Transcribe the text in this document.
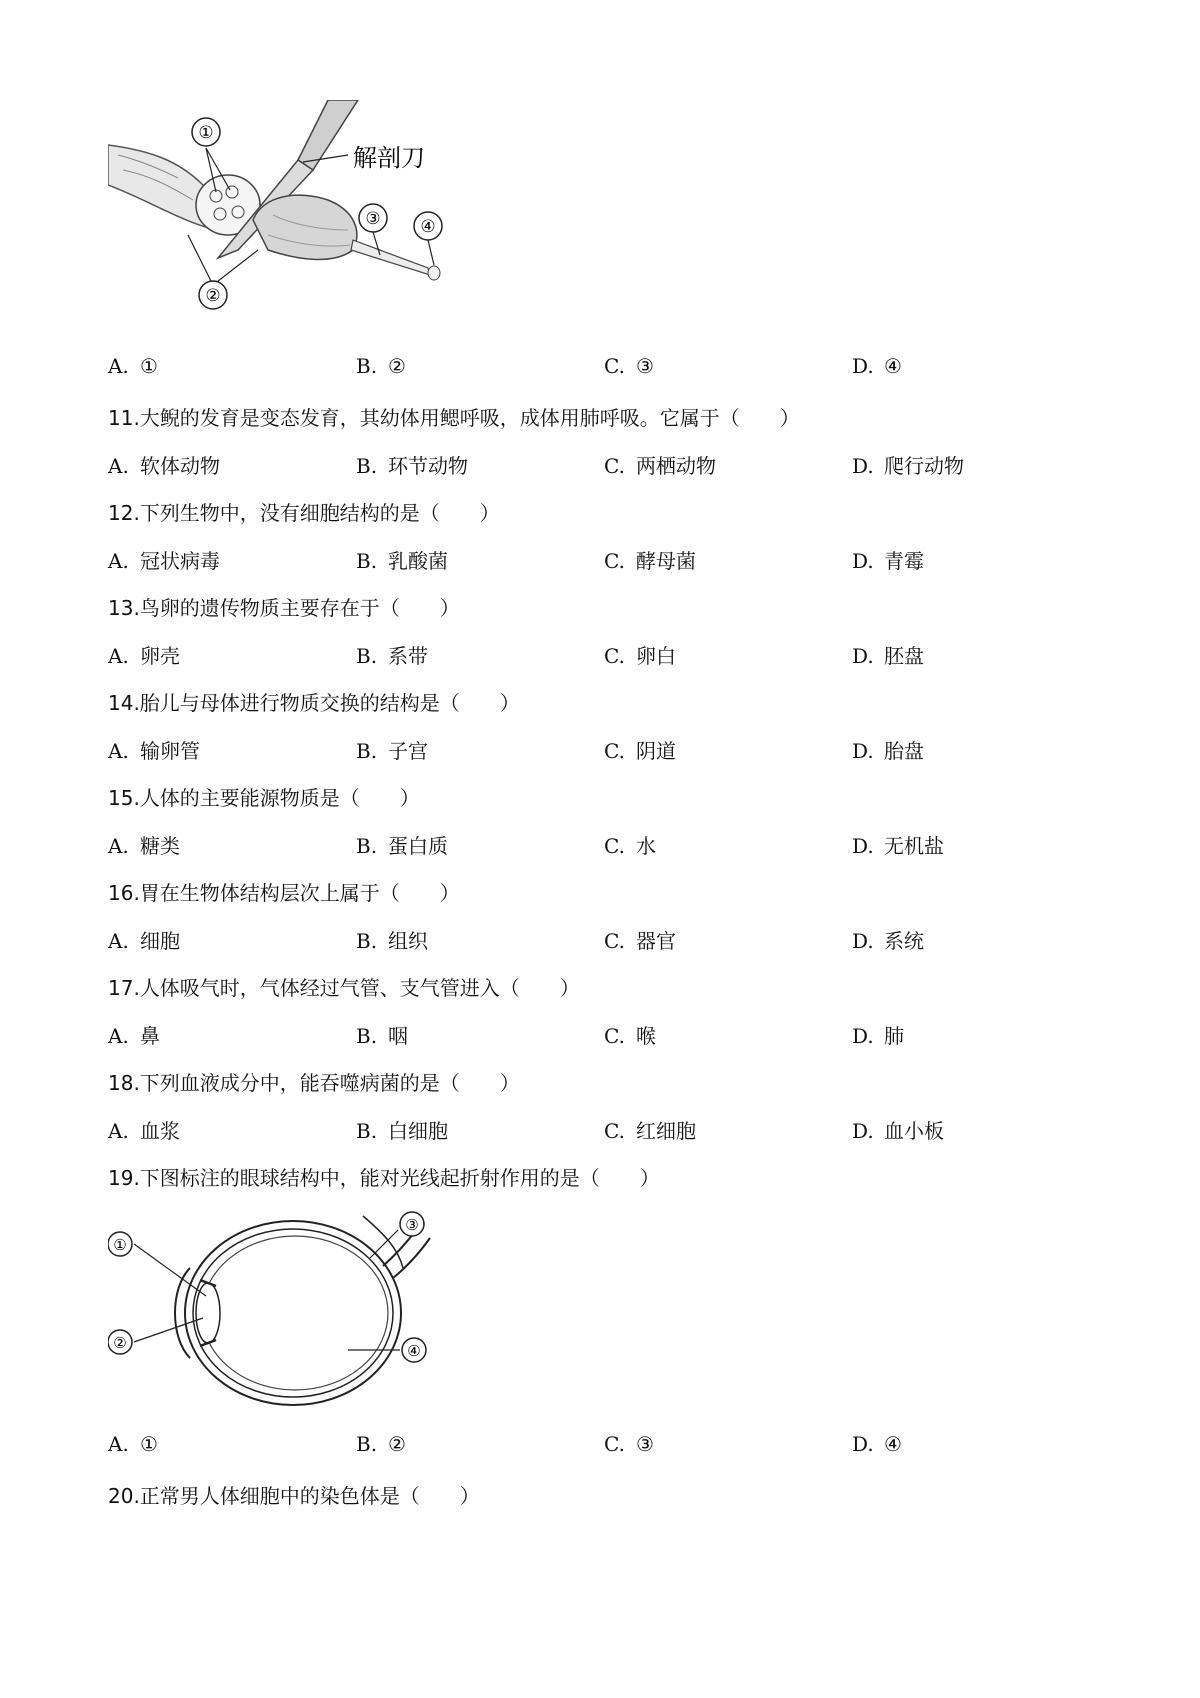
①
②
③ ④
解剖刀
A. ①	B. ②	C. ③	D. ④
11.大鲵的发育是变态发育，其幼体用鳃呼吸，成体用肺呼吸。它属于（　　）
A. 软体动物	B. 环节动物	C. 两栖动物	D. 爬行动物
12.下列生物中，没有细胞结构的是（　　）
A. 冠状病毒	B. 乳酸菌	C. 酵母菌	D. 青霉
13.鸟卵的遗传物质主要存在于（　　）
A. 卵壳	B. 系带	C. 卵白	D. 胚盘
14.胎儿与母体进行物质交换的结构是（　　）
A. 输卵管	B. 子宫	C. 阴道	D. 胎盘
15.人体的主要能源物质是（　　）
A. 糖类	B. 蛋白质	C. 水	D. 无机盐
16.胃在生物体结构层次上属于（　　）
A. 细胞	B. 组织	C. 器官	D. 系统
17.人体吸气时，气体经过气管、支气管进入（　　）
A. 鼻	B. 咽	C. 喉	D. 肺
18.下列血液成分中，能吞噬病菌的是（　　）
A. 血浆	B. 白细胞	C. 红细胞	D. 血小板
19.下图标注的眼球结构中，能对光线起折射作用的是（　　）
①
②
③
④
A. ①	B. ②	C. ③	D. ④
20.正常男人体细胞中的染色体是（　　）
